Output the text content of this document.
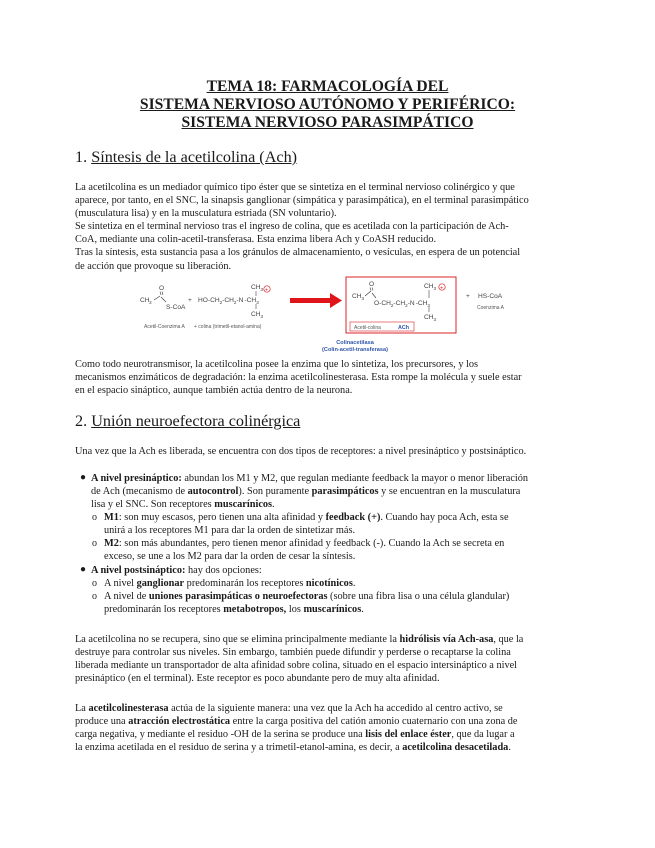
TEMA 18: FARMACOLOGÍA DEL
SISTEMA NERVIOSO AUTÓNOMO Y PERIFÉRICO:
SISTEMA NERVIOSO PARASIMPÁTICO
1. Síntesis de la acetilcolina (Ach)
La acetilcolina es un mediador químico tipo éster que se sintetiza en el terminal nervioso colinérgico y que
aparece, por tanto, en el SNC, la sinapsis ganglionar (simpática y parasimpática), en el terminal parasimpático
(musculatura lisa) y en la musculatura estriada (SN voluntario).
Se sintetiza en el terminal nervioso tras el ingreso de colina, que es acetilada con la participación de Ach-
CoA, mediante una colin-acetil-transferasa. Esta enzima libera Ach y CoASH reducido.
Tras la síntesis, esta sustancia pasa a los gránulos de almacenamiento, o vesículas, en espera de un potencial
de acción que provoque su liberación.
CH 3
O
S-CoA
+ $HO-CH_2-CH_2-N-CH_3$
$CH_3$ +
$CH_3$
Acetil-Coenzima A + colina (trimetil-etanol-amina)
$CH_3$
O
$O-CH_2-CH_2-N-CH_3$
$CH_3$ +
$CH_3$
Acetil-colina	ACh
+ HS-CoA
Coenzima A
Colinacetilasa
(Colin-acetil-transferasa)
Como todo neurotransmisor, la acetilcolina posee la enzima que lo sintetiza, los precursores, y los
mecanismos enzimáticos de degradación: la enzima acetilcolinesterasa. Esta rompe la molécula y suele estar
en el espacio sináptico, aunque también actúa dentro de la neurona.
2. Unión neuroefectora colinérgica
Una vez que la Ach es liberada, se encuentra con dos tipos de receptores: a nivel presináptico y postsináptico.
● A nivel presináptico: abundan los M1 y M2, que regulan mediante feedback la mayor o menor liberación
de Ach (mecanismo de autocontrol). Son puramente parasimpáticos y se encuentran en la musculatura
lisa y el SNC. Son receptores muscarínicos.
o M1: son muy escasos, pero tienen una alta afinidad y feedback (+). Cuando hay poca Ach, esta se
unirá a los receptores M1 para dar la orden de sintetizar más.
o M2: son más abundantes, pero tienen menor afinidad y feedback (-). Cuando la Ach se secreta en
exceso, se une a los M2 para dar la orden de cesar la síntesis.
● A nivel postsináptico: hay dos opciones:
o A nivel ganglionar predominarán los receptores nicotínicos.
o A nivel de uniones parasimpáticas o neuroefectoras (sobre una fibra lisa o una célula glandular)
predominarán los receptores metabotropos, los muscarínicos.
La acetilcolina no se recupera, sino que se elimina principalmente mediante la hidrólisis vía Ach-asa, que la
destruye para controlar sus niveles. Sin embargo, también puede difundir y perderse o recaptarse la colina
liberada mediante un transportador de alta afinidad sobre colina, situado en el espacio intersináptico a nivel
presináptico (en el terminal). Este receptor es poco abundante pero de muy alta afinidad.
La acetilcolinesterasa actúa de la siguiente manera: una vez que la Ach ha accedido al centro activo, se
produce una atracción electrostática entre la carga positiva del catión amonio cuaternario con una zona de
carga negativa, y mediante el residuo -OH de la serina se produce una lisis del enlace éster, que da lugar a
la enzima acetilada en el residuo de serina y a trimetil-etanol-amina, es decir, a acetilcolina desacetilada.
